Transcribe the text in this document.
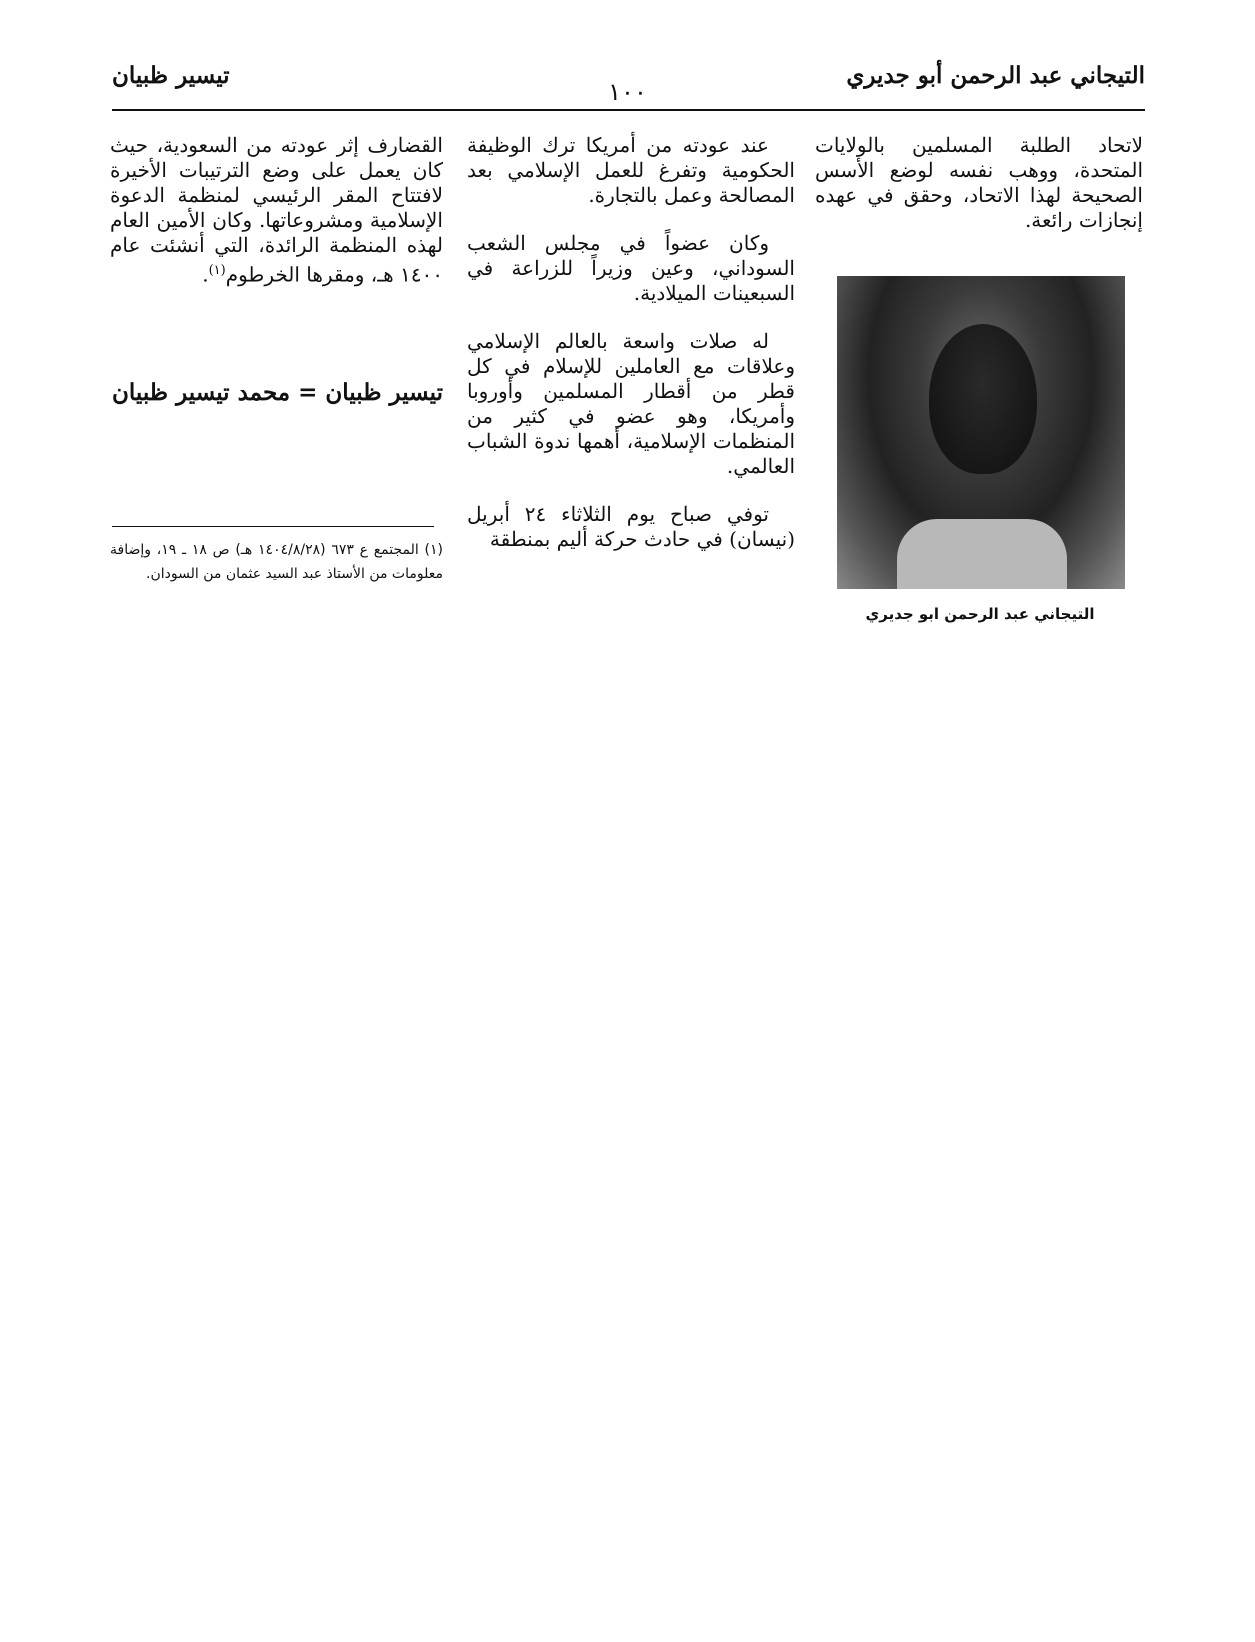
التيجاني عبد الرحمن أبو جديري
١٠٠
تيسير ظبيان

لاتحاد الطلبة المسلمين بالولايات المتحدة، ووهب نفسه لوضع الأسس الصحيحة لهذا الاتحاد، وحقق في عهده إنجازات رائعة.

التيجاني عبد الرحمن ابو جديري

عند عودته من أمريكا ترك الوظيفة الحكومية وتفرغ للعمل الإسلامي بعد المصالحة وعمل بالتجارة.

وكان عضواً في مجلس الشعب السوداني، وعين وزيراً للزراعة في السبعينات الميلادية.

له صلات واسعة بالعالم الإسلامي وعلاقات مع العاملين للإسلام في كل قطر من أقطار المسلمين وأوروبا وأمريكا، وهو عضو في كثير من المنظمات الإسلامية، أهمها ندوة الشباب العالمي.

توفي صباح يوم الثلاثاء ٢٤ أبريل (نيسان) في حادث حركة أليم بمنطقة

القضارف إثر عودته من السعودية، حيث كان يعمل على وضع الترتيبات الأخيرة لافتتاح المقر الرئيسي لمنظمة الدعوة الإسلامية ومشروعاتها. وكان الأمين العام لهذه المنظمة الرائدة، التي أنشئت عام ١٤٠٠ هـ، ومقرها الخرطوم$^{(١)}$.

تيسير ظبيان = محمد تيسير ظبيان
(١) المجتمع ع ٦٧٣ (١٤٠٤/٨/٢٨ هـ) ص ١٨ ـ ١٩، وإضافة معلومات من الأستاذ عبد السيد عثمان من السودان.
